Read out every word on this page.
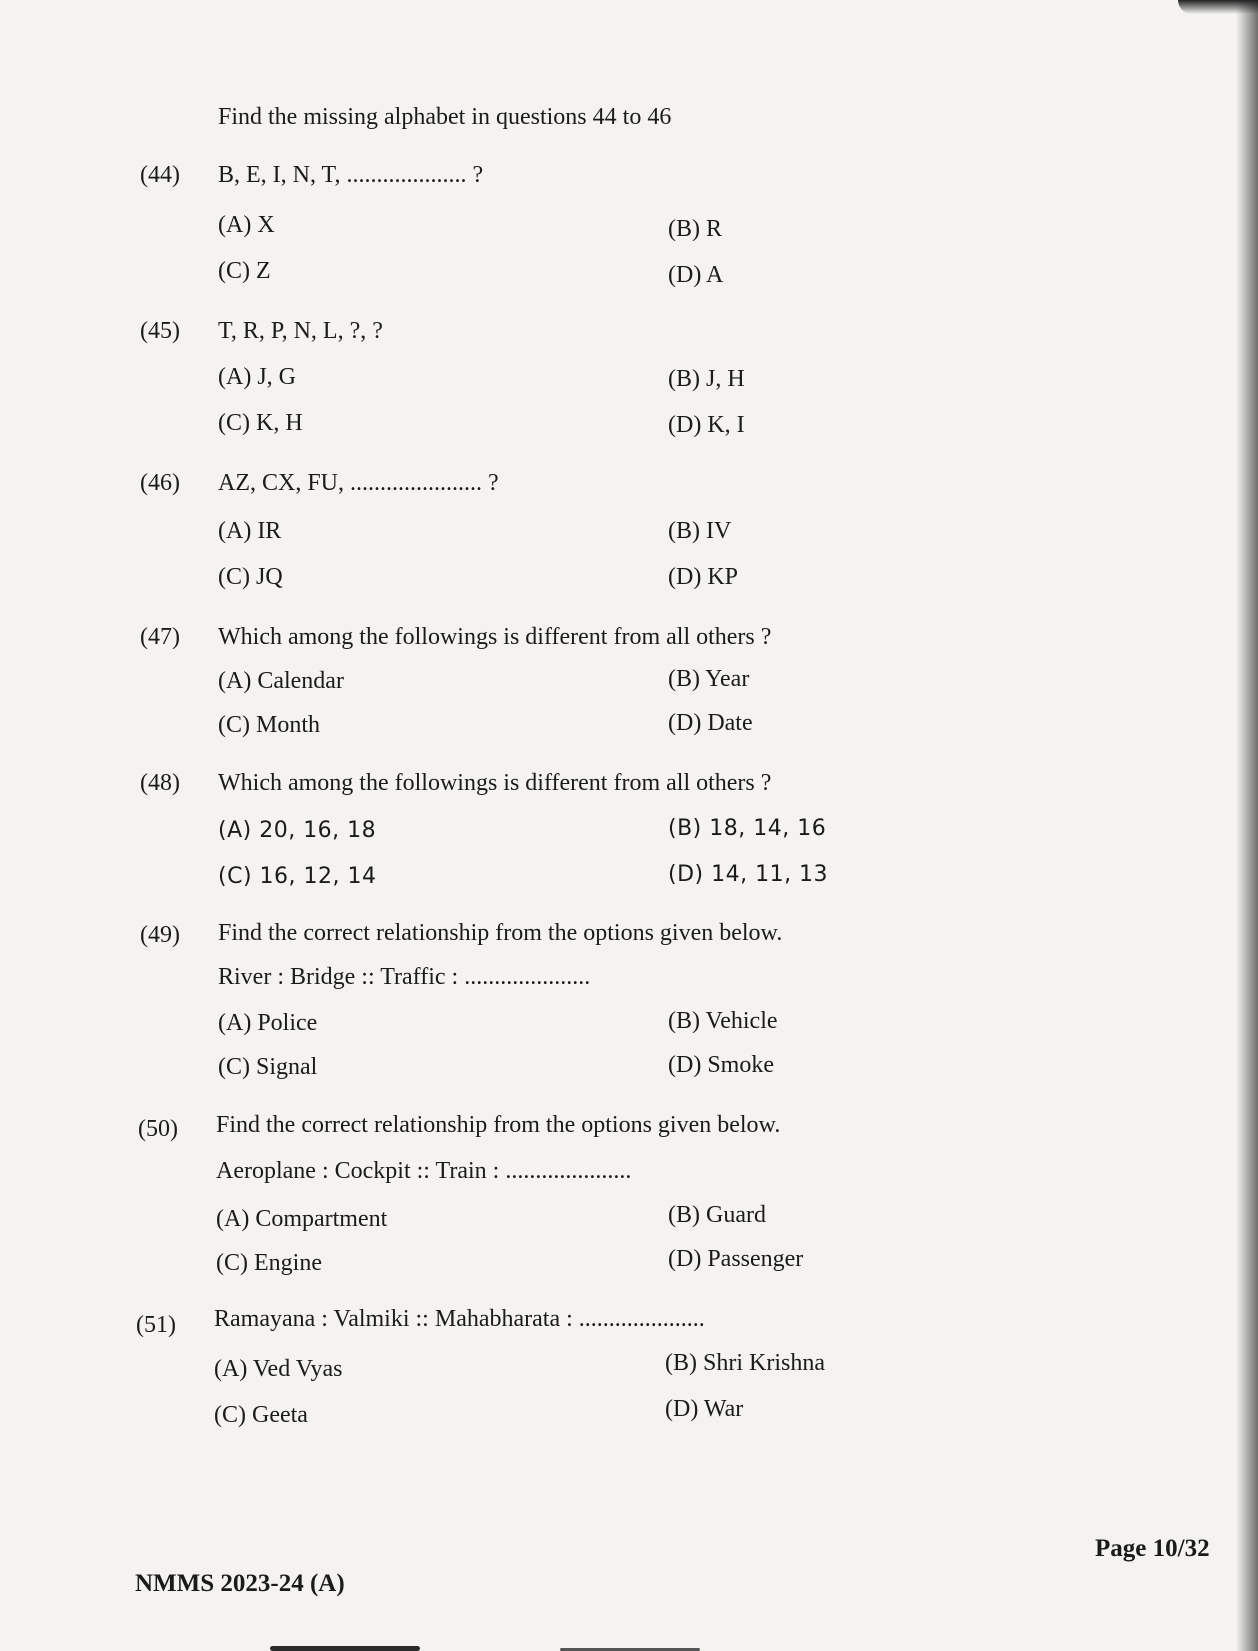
Find the missing alphabet in questions 44 to 46
(44) B, E, I, N, T, .................... ?
(A) X	(B) R
(C) Z	(D) A
(45) T, R, P, N, L, ?, ?
(A) J, G	(B) J, H
(C) K, H	(D) K, I
(46) AZ, CX, FU, ...................... ?
(A) IR	(B) IV
(C) JQ	(D) KP
(47) Which among the followings is different from all others ?
(A) Calendar	(B) Year
(C) Month	(D) Date
(48) Which among the followings is different from all others ?
(A) 20, 16, 18	(B) 18, 14, 16
(C) 16, 12, 14	(D) 14, 11, 13
(49) Find the correct relationship from the options given below.
River : Bridge :: Traffic : .....................
(A) Police	(B) Vehicle
(C) Signal	(D) Smoke
(50) Find the correct relationship from the options given below.
Aeroplane : Cockpit :: Train : .....................
(A) Compartment	(B) Guard
(C) Engine	(D) Passenger
(51) Ramayana : Valmiki :: Mahabharata : .....................
(A) Ved Vyas	(B) Shri Krishna
(C) Geeta	(D) War
NMMS 2023-24 (A)
Page 10/32
